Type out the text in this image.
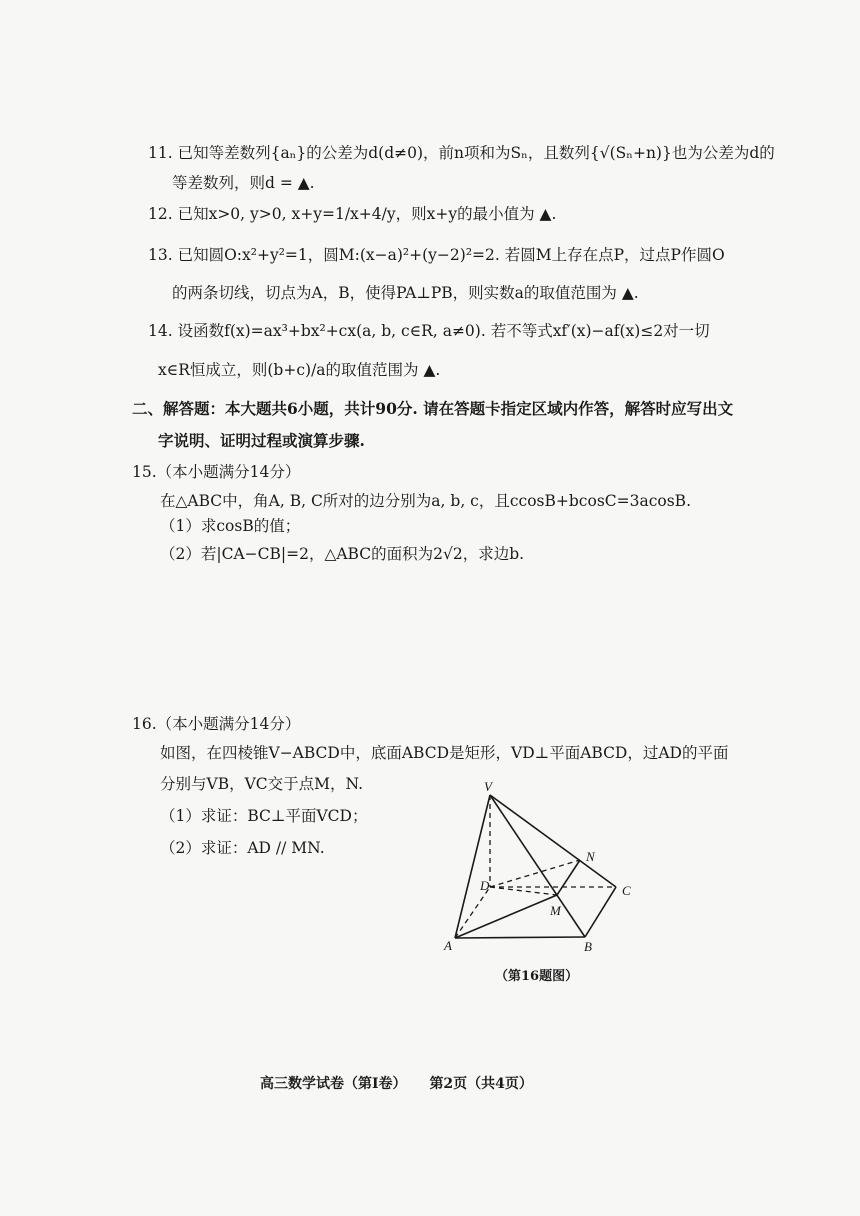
11. 已知等差数列{aₙ}的公差为d(d≠0)，前n项和为Sₙ，且数列{√(Sₙ+n)}也为公差为d的
等差数列，则d = ▲.
12. 已知x>0, y>0, x+y=1/x+4/y，则x+y的最小值为 ▲.
13. 已知圆O:x²+y²=1，圆M:(x−a)²+(y−2)²=2. 若圆M上存在点P，过点P作圆O
的两条切线，切点为A，B，使得PA⊥PB，则实数a的取值范围为 ▲.
14. 设函数f(x)=ax³+bx²+cx(a, b, c∈R, a≠0). 若不等式xf′(x)−af(x)≤2对一切
x∈R恒成立，则(b+c)/a的取值范围为 ▲.
二、解答题：本大题共6小题，共计90分. 请在答题卡指定区域内作答，解答时应写出文
字说明、证明过程或演算步骤.
15.（本小题满分14分）
在△ABC中，角A, B, C所对的边分别为a, b, c，且ccosB+bcosC=3acosB.
（1）求cosB的值；
（2）若|CA−CB|=2，△ABC的面积为2√2，求边b.
16.（本小题满分14分）
如图，在四棱锥V−ABCD中，底面ABCD是矩形，VD⊥平面ABCD，过AD的平面
分别与VB，VC交于点M，N.
（1）求证：BC⊥平面VCD；
（2）求证：AD // MN.
V
N
D	C
M
A	B
（第16题图）
高三数学试卷（第Ⅰ卷） 第2页（共4页）
